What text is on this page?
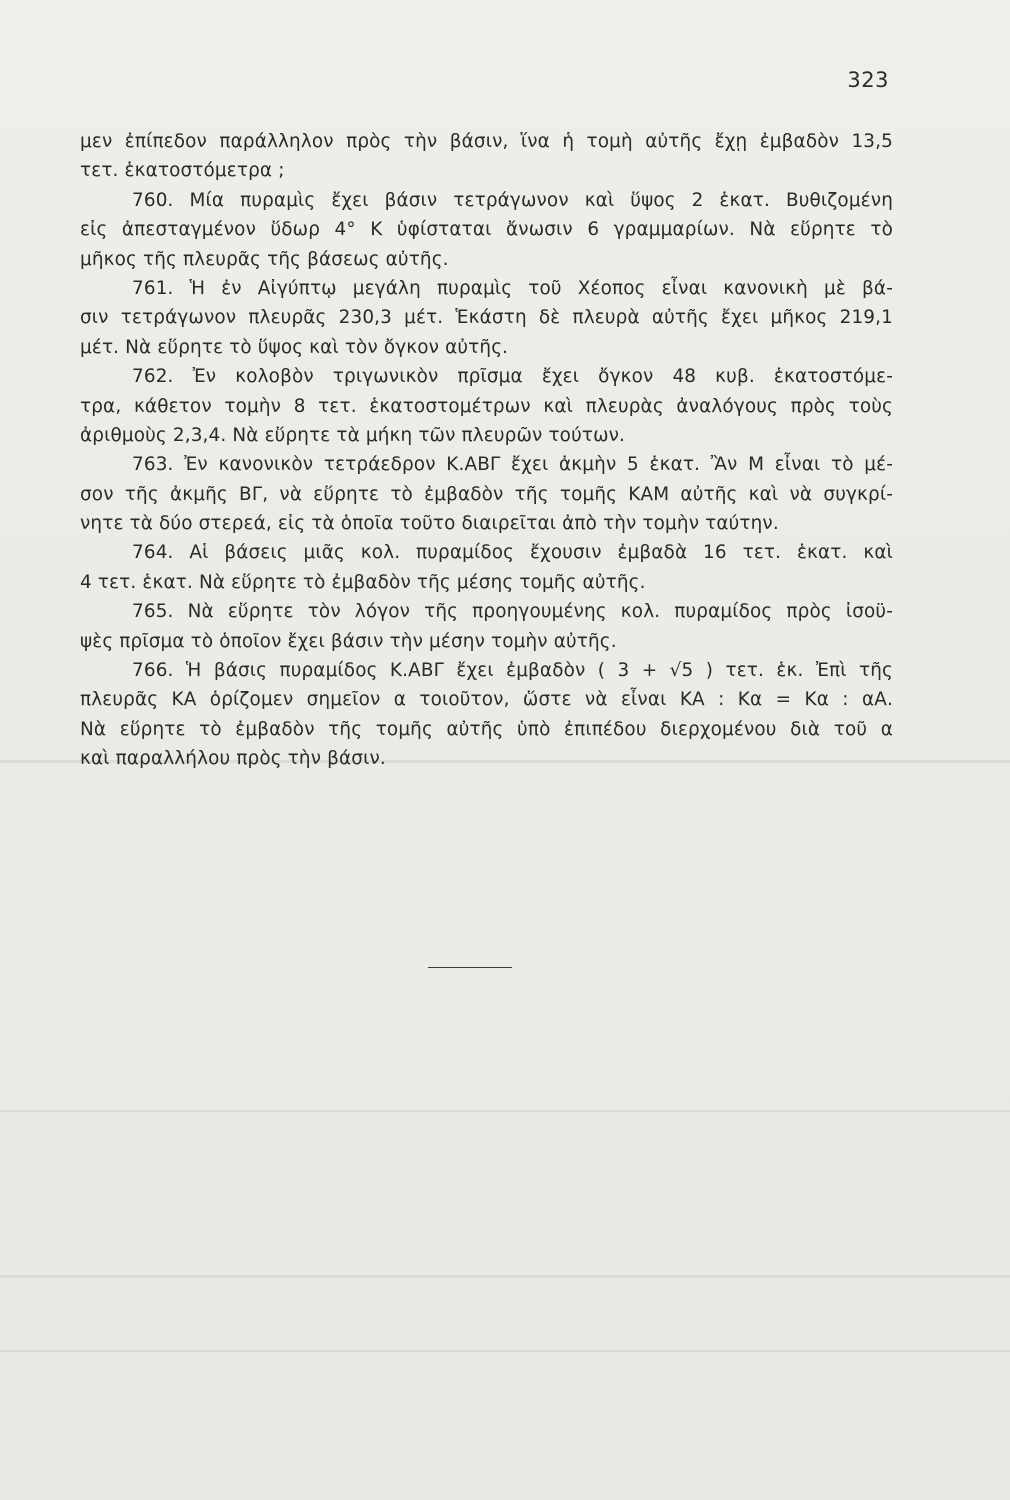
323
μεν ἐπίπεδον παράλληλον πρὸς τὴν βάσιν, ἵνα ἡ τομὴ αὐτῆς ἔχῃ ἐμβαδὸν 13,5
τετ. ἑκατοστόμετρα ;
760. Μία πυραμὶς ἔχει βάσιν τετράγωνον καὶ ὕψος 2 ἑκατ. Βυθιζομένη
εἰς ἀπεσταγμένον ὕδωρ 4° Κ ὑφίσταται ἄνωσιν 6 γραμμαρίων. Νὰ εὕρητε τὸ
μῆκος τῆς πλευρᾶς τῆς βάσεως αὐτῆς.
761. Ἡ ἐν Αἰγύπτῳ μεγάλη πυραμὶς τοῦ Χέοπος εἶναι κανονικὴ μὲ βά-
σιν τετράγωνον πλευρᾶς 230,3 μέτ. Ἑκάστη δὲ πλευρὰ αὐτῆς ἔχει μῆκος 219,1
μέτ. Νὰ εὕρητε τὸ ὕψος καὶ τὸν ὄγκον αὐτῆς.
762. Ἐν κολοβὸν τριγωνικὸν πρῖσμα ἔχει ὄγκον 48 κυβ. ἑκατοστόμε-
τρα, κάθετον τομὴν 8 τετ. ἑκατοστομέτρων καὶ πλευρὰς ἀναλόγους πρὸς τοὺς
ἀριθμοὺς 2,3,4. Νὰ εὕρητε τὰ μήκη τῶν πλευρῶν τούτων.
763. Ἐν κανονικὸν τετράεδρον Κ.ΑΒΓ ἔχει ἀκμὴν 5 ἑκατ. Ἂν Μ εἶναι τὸ μέ-
σον τῆς ἀκμῆς ΒΓ, νὰ εὕρητε τὸ ἐμβαδὸν τῆς τομῆς ΚΑΜ αὐτῆς καὶ νὰ συγκρί-
νητε τὰ δύο στερεά, εἰς τὰ ὁποῖα τοῦτο διαιρεῖται ἀπὸ τὴν τομὴν ταύτην.
764. Αἱ βάσεις μιᾶς κολ. πυραμίδος ἔχουσιν ἐμβαδὰ 16 τετ. ἑκατ. καὶ
4 τετ. ἑκατ. Νὰ εὕρητε τὸ ἐμβαδὸν τῆς μέσης τομῆς αὐτῆς.
765. Νὰ εὕρητε τὸν λόγον τῆς προηγουμένης κολ. πυραμίδος πρὸς ἰσοϋ-
ψὲς πρῖσμα τὸ ὁποῖον ἔχει βάσιν τὴν μέσην τομὴν αὐτῆς.
766. Ἡ βάσις πυραμίδος Κ.ΑΒΓ ἔχει ἐμβαδὸν ( 3 + √5 ) τετ. ἑκ. Ἐπὶ τῆς
πλευρᾶς ΚΑ ὁρίζομεν σημεῖον α τοιοῦτον, ὥστε νὰ εἶναι ΚΑ : Κα = Κα : αΑ.
Νὰ εὕρητε τὸ ἐμβαδὸν τῆς τομῆς αὐτῆς ὑπὸ ἐπιπέδου διερχομένου διὰ τοῦ α
καὶ παραλλήλου πρὸς τὴν βάσιν.
